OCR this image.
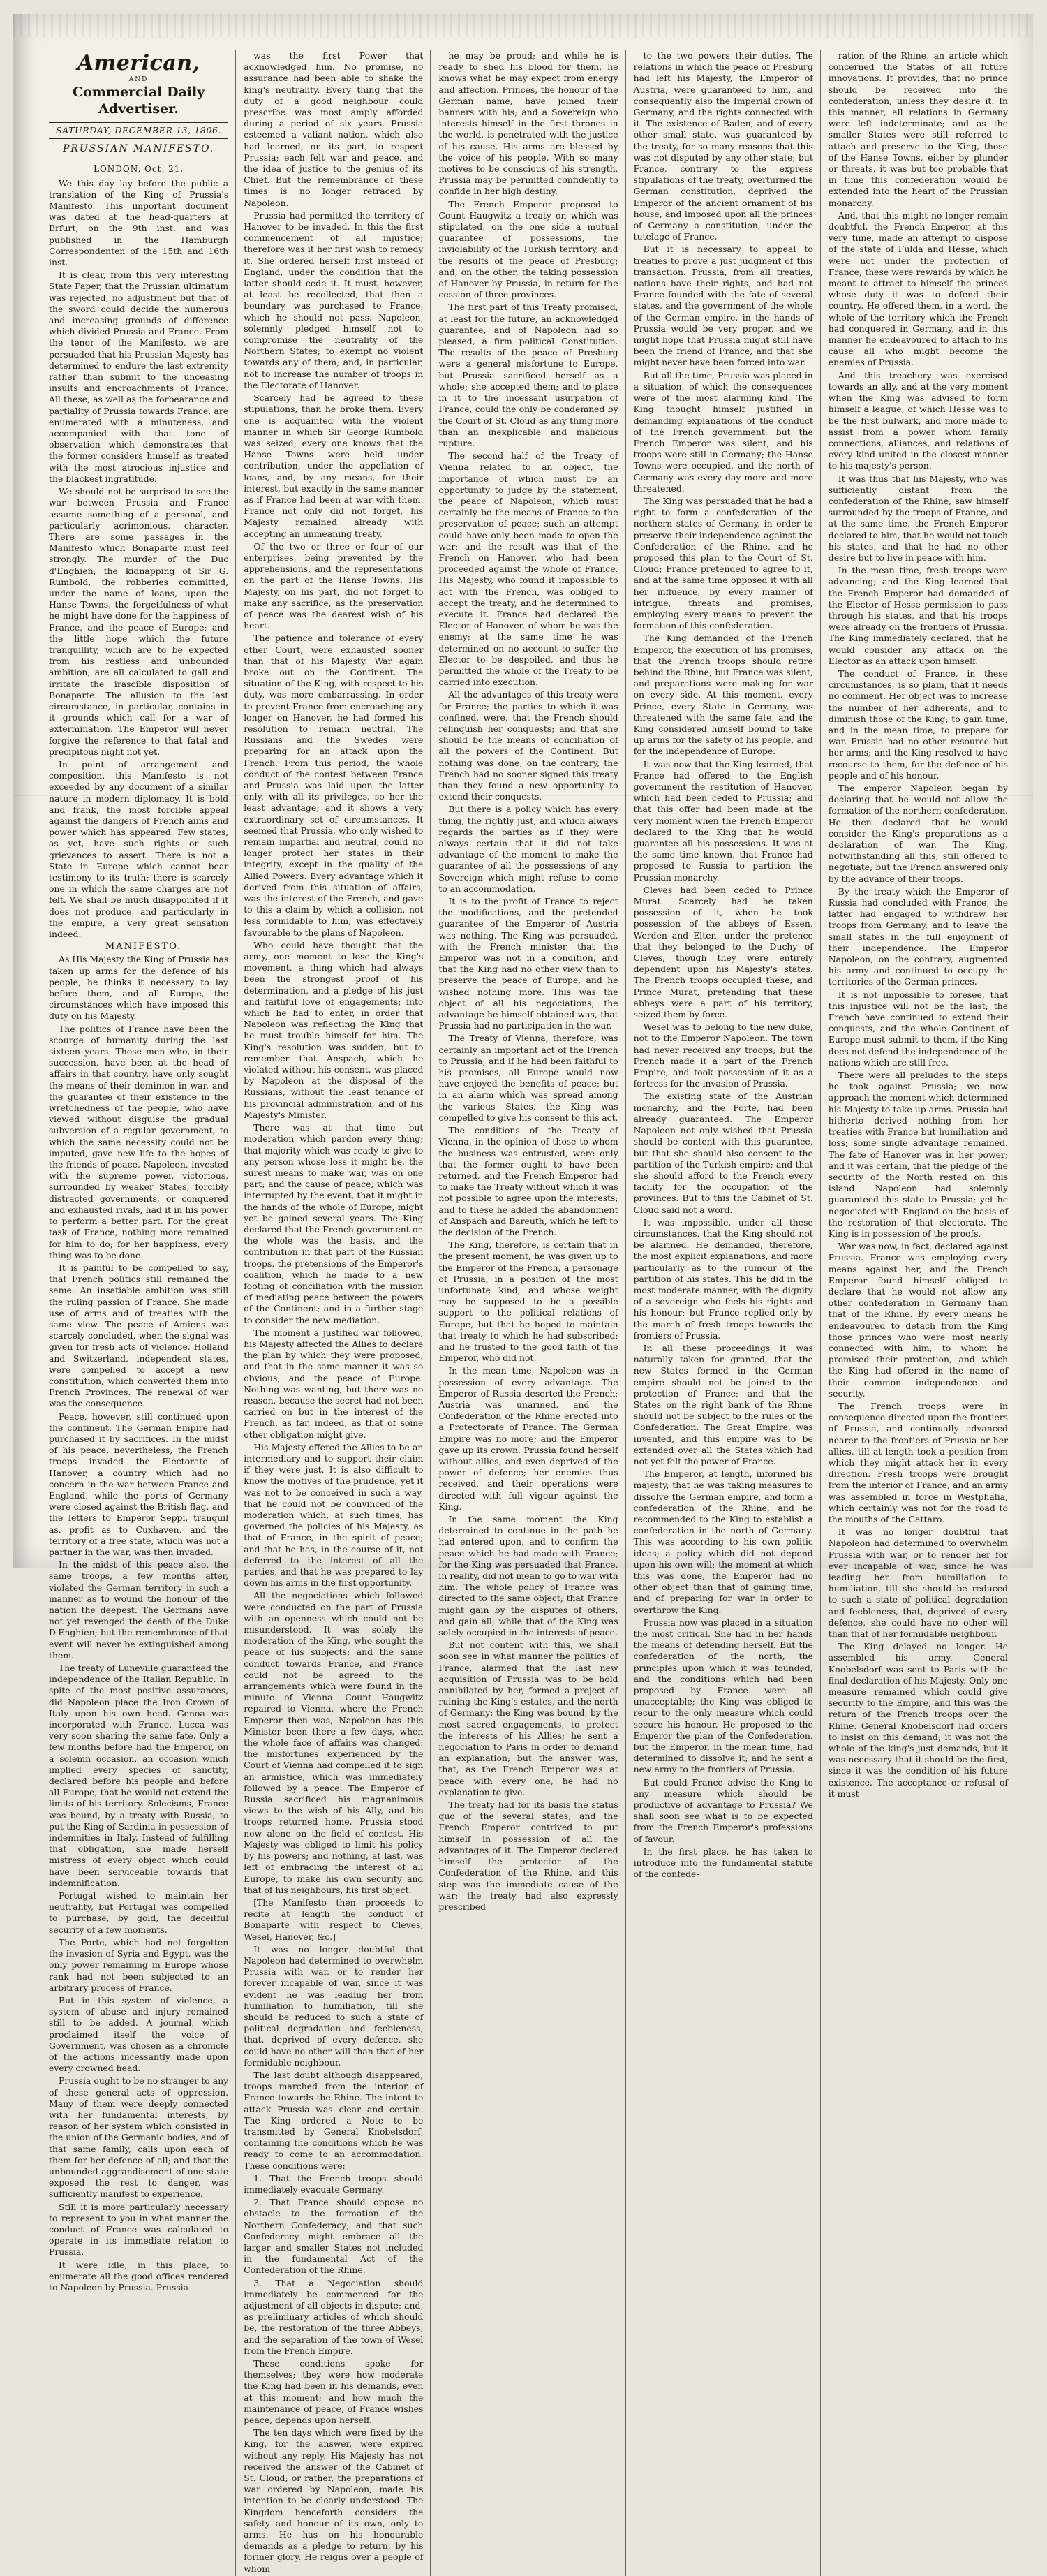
American,
AND
Commercial Daily Advertiser.
SATURDAY, DECEMBER 13, 1806.
PRUSSIAN MANIFESTO.
LONDON, Oct. 21.

We this day lay before the public a translation of the King of Prussia's Manifesto. This important document was dated at the head-quarters at Erfurt, on the 9th inst. and was published in the Hamburgh Correspondenten of the 15th and 16th inst.

It is clear, from this very interesting State Paper, that the Prussian ultimatum was rejected, no adjustment but that of the sword could decide the numerous and increasing grounds of difference which divided Prussia and France. From the tenor of the Manifesto, we are persuaded that his Prussian Majesty has determined to endure the last extremity rather than submit to the unceasing insults and encroachments of France. All these, as well as the forbearance and partiality of Prussia towards France, are enumerated with a minuteness, and accompanied with that tone of observation which demonstrates that the former considers himself as treated with the most atrocious injustice and the blackest ingratitude.

We should not be surprised to see the war between Prussia and France assume something of a personal, and particularly acrimonious, character. There are some passages in the Manifesto which Bonaparte must feel strongly. The murder of the Duc d'Enghien; the kidnapping of Sir G. Rumbold, the robberies committed, under the name of loans, upon the Hanse Towns, the forgetfulness of what he might have done for the happiness of France, and the peace of Europe; and the little hope which the future tranquillity, which are to be expected from his restless and unbounded ambition, are all calculated to gall and irritate the irascible disposition of Bonaparte. The allusion to the last circumstance, in particular, contains in it grounds which call for a war of extermination. The Emperor will never forgive the reference to that fatal and precipitous night not yet.

In point of arrangement and composition, this Manifesto is not exceeded by any document of a similar nature in modern diplomacy. It is bold and frank, the most forcible appeal against the dangers of French aims and power which has appeared. Few states, as yet, have such rights or such grievances to assert. There is not a State in Europe which cannot bear testimony to its truth; there is scarcely one in which the same charges are not felt. We shall be much disappointed if it does not produce, and particularly in the empire, a very great sensation indeed.

MANIFESTO.

As His Majesty the King of Prussia has taken up arms for the defence of his people, he thinks it necessary to lay before them, and all Europe, the circumstances which have imposed this duty on his Majesty.

The politics of France have been the scourge of humanity during the last sixteen years. Those men who, in their succession, have been at the head of affairs in that country, have only sought the means of their dominion in war, and the guarantee of their existence in the wretchedness of the people, who have viewed without disguise the gradual subversion of a regular government, to which the same necessity could not be imputed, gave new life to the hopes of the friends of peace. Napoleon, invested with the supreme power, victorious, surrounded by weaker States, forcibly distracted governments, or conquered and exhausted rivals, had it in his power to perform a better part. For the great task of France, nothing more remained for him to do; for her happiness, every thing was to be done.

It is painful to be compelled to say, that French politics still remained the same. An insatiable ambition was still the ruling passion of France. She made use of arms and of treaties with the same view. The peace of Amiens was scarcely concluded, when the signal was given for fresh acts of violence. Holland and Switzerland, independent states, were compelled to accept a new constitution, which converted them into French Provinces. The renewal of war was the consequence.

Peace, however, still continued upon the continent. The German Empire had purchased it by sacrifices. In the midst of his peace, nevertheless, the French troops invaded the Electorate of Hanover, a country which had no concern in the war between France and England, while the ports of Germany were closed against the British flag, and the letters to Emperor Seppi, tranquil as, profit as to Cuxhaven, and the territory of a free state, which was not a partner in the war, was then invaded.

In the midst of this peace also, the same troops, a few months after, violated the German territory in such a manner as to wound the honour of the nation the deepest. The Germans have not yet revenged the death of the Duke D'Enghien; but the remembrance of that event will never be extinguished among them.

The treaty of Luneville guaranteed the independence of the Italian Republic. In spite of the most positive assurances, did Napoleon place the Iron Crown of Italy upon his own head. Genoa was incorporated with France. Lucca was very soon sharing the same fate. Only a few months before had the Emperor, on a solemn occasion, an occasion which implied every species of sanctity, declared before his people and before all Europe, that he would not extend the limits of his territory. Solecisms, France was bound, by a treaty with Russia, to put the King of Sardinia in possession of indemnities in Italy. Instead of fulfilling that obligation, she made herself mistress of every object which could have been serviceable towards that indemnification.

Portugal wished to maintain her neutrality, but Portugal was compelled to purchase, by gold, the deceitful security of a few moments.

The Porte, which had not forgotten the invasion of Syria and Egypt, was the only power remaining in Europe whose rank had not been subjected to an arbitrary process of France.

But in this system of violence, a system of abuse and injury remained still to be added. A journal, which proclaimed itself the voice of Government, was chosen as a chronicle of the actions incessantly made upon every crowned head.

Prussia ought to be no stranger to any of these general acts of oppression. Many of them were deeply connected with her fundamental interests, by reason of her system which consisted in the union of the Germanic bodies, and of that same family, calls upon each of them for her defence of all; and that the unbounded aggrandisement of one state exposed the rest to danger, was sufficiently manifest to experience.

Still it is more particularly necessary to represent to you in what manner the conduct of France was calculated to operate in its immediate relation to Prussia.

It were idle, in this place, to enumerate all the good offices rendered to Napoleon by Prussia. Prussia

was the first Power that acknowledged him. No promise, no assurance had been able to shake the king's neutrality. Every thing that the duty of a good neighbour could prescribe was most amply afforded during a period of six years. Prussia esteemed a valiant nation, which also had learned, on its part, to respect Prussia; each felt war and peace, and the idea of justice to the genius of its Chief. But the remembrance of these times is no longer retraced by Napoleon.

Prussia had permitted the territory of Hanover to be invaded. In this the first commencement of all injustice; therefore was it her first wish to remedy it. She ordered herself first instead of England, under the condition that the latter should cede it. It must, however, at least be recollected, that then a boundary was purchased to France, which he should not pass. Napoleon, solemnly pledged himself not to compromise the neutrality of the Northern States; to exempt no violent towards any of them; and, in particular, not to increase the number of troops in the Electorate of Hanover.

Scarcely had he agreed to these stipulations, than he broke them. Every one is acquainted with the violent manner in which Sir George Rumbold was seized; every one knows that the Hanse Towns were held under contribution, under the appellation of loans, and, by any means, for their interest, but exactly in the same manner as if France had been at war with them. France not only did not forget, his Majesty remained already with accepting an unmeaning treaty.

Of the two or three or four of our enterprises, being prevented by the apprehensions, and the representations on the part of the Hanse Towns, His Majesty, on his part, did not forget to make any sacrifice, as the preservation of peace was the dearest wish of his heart.

The patience and tolerance of every other Court, were exhausted sooner than that of his Majesty. War again broke out on the Continent. The situation of the King, with respect to his duty, was more embarrassing. In order to prevent France from encroaching any longer on Hanover, he had formed his resolution to remain neutral. The Russians and the Swedes were preparing for an attack upon the French. From this period, the whole conduct of the contest between France and Prussia was laid upon the latter only, with all its privileges, so her the least advantage; and it shows a very extraordinary set of circumstances. It seemed that Prussia, who only wished to remain impartial and neutral, could no longer protect her states in their integrity, except in the quality of the Allied Powers. Every advantage which it derived from this situation of affairs, was the interest of the French, and gave to this a claim by which a collision, not less formidable to him, was effectively favourable to the plans of Napoleon.

Who could have thought that the army, one moment to lose the King's movement, a thing which had always been the strongest proof of his determination, and a pledge of his just and faithful love of engagements; into which he had to enter, in order that Napoleon was reflecting the King that he must trouble himself for him. The King's resolution was sudden, but to remember that Anspach, which he violated without his consent, was placed by Napoleon at the disposal of the Russians, without the least tenance of his provincial administration, and of his Majesty's Minister.

There was at that time but moderation which pardon every thing; that majority which was ready to give to any person whose loss it might be, the surest means to make war, was on one part; and the cause of peace, which was interrupted by the event, that it might in the hands of the whole of Europe, might yet be gained several years. The King declared that the French government on the whole was the basis, and the contribution in that part of the Russian troops, the pretensions of the Emperor's coalition, which he made to a new footing of conciliation with the mission of mediating peace between the powers of the Continent; and in a further stage to consider the new mediation.

The moment a justified war followed, his Majesty affected the Allies to declare the plan by which they were proposed, and that in the same manner it was so obvious, and the peace of Europe. Nothing was wanting, but there was no reason, because the secret had not been carried on but in the interest of the French, as far, indeed, as that of some other obligation might give.

His Majesty offered the Allies to be an intermediary and to support their claim if they were just. It is also difficult to know the motives of the prudence, yet it was not to be conceived in such a way, that he could not be convinced of the moderation which, at such times, has governed the policies of his Majesty, as that of France, in the spirit of peace; and that he has, in the course of it, not deferred to the interest of all the parties, and that he was prepared to lay down his arms in the first opportunity.

All the negociations which followed were conducted on the part of Prussia with an openness which could not be misunderstood. It was solely the moderation of the King, who sought the peace of his subjects; and the same conduct towards France, and France could not be agreed to the arrangements which were found in the minute of Vienna. Count Haugwitz repaired to Vienna, where the French Emperor then was, Napoleon has this Minister been there a few days, when the whole face of affairs was changed: the misfortunes experienced by the Court of Vienna had compelled it to sign an armistice, which was immediately followed by a peace. The Emperor of Russia sacrificed his magnanimous views to the wish of his Ally, and his troops returned home. Prussia stood now alone on the field of contest. His Majesty was obliged to limit his policy by his powers; and nothing, at last, was left of embracing the interest of all Europe, to make his own security and that of his neighbours, his first object.

[The Manifesto then proceeds to recite at length the conduct of Bonaparte with respect to Cleves, Wesel, Hanover, &c.]

It was no longer doubtful that Napoleon had determined to overwhelm Prussia with war, or to render her forever incapable of war, since it was evident he was leading her from humiliation to humiliation, till she should be reduced to such a state of political degradation and feebleness, that, deprived of every defence, she could have no other will than that of her formidable neighbour.

The last doubt although disappeared; troops marched from the interior of France towards the Rhine. The intent to attack Prussia was clear and certain. The King ordered a Note to be transmitted by General Knobelsdorf, containing the conditions which he was ready to come to an accommodation. These conditions were:

1. That the French troops should immediately evacuate Germany.

2. That France should oppose no obstacle to the formation of the Northern Confederacy; and that such Confederacy might embrace all the larger and smaller States not included in the fundamental Act of the Confederation of the Rhine.

3. That a Negociation should immediately be commenced for the adjustment of all objects in dispute; and, as preliminary articles of which should be, the restoration of the three Abbeys, and the separation of the town of Wesel from the French Empire.

These conditions spoke for themselves; they were how moderate the King had been in his demands, even at this moment; and how much the maintenance of peace, of France wishes peace, depends upon herself.

The ten days which were fixed by the King, for the answer, were expired without any reply. His Majesty has not received the answer of the Cabinet of St. Cloud; or rather, the preparations of war ordered by Napoleon, made his intention to be clearly understood. The Kingdom henceforth considers the safety and honour of its own, only to arms. He has on his honourable demands as a pledge to return, by his former glory. He reigns over a people of whom

he may be proud; and while he is ready to shed his blood for them, he knows what he may expect from energy and affection. Princes, the honour of the German name, have joined their banners with his; and a Sovereign who interests himself in the first thrones in the world, is penetrated with the justice of his cause. His arms are blessed by the voice of his people. With so many motives to be conscious of his strength, Prussia may be permitted confidently to confide in her high destiny.

The French Emperor proposed to Count Haugwitz a treaty on which was stipulated, on the one side a mutual guarantee of possessions, the inviolability of the Turkish territory, and the results of the peace of Presburg; and, on the other, the taking possession of Hanover by Prussia, in return for the cession of three provinces.

The first part of this Treaty promised, at least for the future, an acknowledged guarantee, and of Napoleon had so pleased, a firm political Constitution. The results of the peace of Presburg were a general misfortune to Europe, but Prussia sacrificed herself as a whole; she accepted them; and to place in it to the incessant usurpation of France, could the only be condemned by the Court of St. Cloud as any thing more than an inexplicable and malicious rupture.

The second half of the Treaty of Vienna related to an object, the importance of which must be an opportunity to judge by the statement, the peace of Napoleon, which must certainly be the means of France to the preservation of peace; such an attempt could have only been made to open the war; and the result was that of the French on Hanover, who had been proceeded against the whole of France. His Majesty, who found it impossible to act with the French, was obliged to accept the treaty, and he determined to execute it. France had declared the Elector of Hanover, of whom he was the enemy; at the same time he was determined on no account to suffer the Elector to be despoiled, and thus he permitted the whole of the Treaty to be carried into execution.

All the advantages of this treaty were for France; the parties to which it was confined, were, that the French should relinquish her conquests; and that she should be the means of conciliation of all the powers of the Continent. But nothing was done; on the contrary, the French had no sooner signed this treaty than they found a new opportunity to extend their conquests.

But there is a policy which has every thing, the rightly just, and which always regards the parties as if they were always certain that it did not take advantage of the moment to make the guarantee of all the possessions of any Sovereign which might refuse to come to an accommodation.

It is to the profit of France to reject the modifications, and the pretended guarantee of the Emperor of Austria was nothing. The King was persuaded, with the French minister, that the Emperor was not in a condition, and that the King had no other view than to preserve the peace of Europe, and he wished nothing more. This was the object of all his negociations; the advantage he himself obtained was, that Prussia had no participation in the war.

The Treaty of Vienna, therefore, was certainly an important act of the French to Prussia; and if he had been faithful to his promises, all Europe would now have enjoyed the benefits of peace; but in an alarm which was spread among the various States, the King was compelled to give his consent to this act.

The conditions of the Treaty of Vienna, in the opinion of those to whom the business was entrusted, were only that the former ought to have been returned, and the French Emperor had to make the Treaty without which it was not possible to agree upon the interests; and to these he added the abandonment of Anspach and Bareuth, which he left to the decision of the French.

The King, therefore, is certain that in the present moment, he was given up to the Emperor of the French, a personage of Prussia, in a position of the most unfortunate kind, and whose weight may be supposed to be a possible support to the political relations of Europe, but that he hoped to maintain that treaty to which he had subscribed; and he trusted to the good faith of the Emperor, who did not.

In the mean time, Napoleon was in possession of every advantage. The Emperor of Russia deserted the French; Austria was unarmed, and the Confederation of the Rhine erected into a Protectorate of France. The German Empire was no more; and the Emperor gave up its crown. Prussia found herself without allies, and even deprived of the power of defence; her enemies thus received, and their operations were directed with full vigour against the King.

In the same moment the King determined to continue in the path he had entered upon, and to confirm the peace which he had made with France; for the King was persuaded that France, in reality, did not mean to go to war with him. The whole policy of France was directed to the same object; that France might gain by the disputes of others, and gain all; while that of the King was solely occupied in the interests of peace.

But not content with this, we shall soon see in what manner the politics of France, alarmed that the last new acquisition of Prussia was to be hold annihilated by her, formed a project of ruining the King's estates, and the north of Germany: the King was bound, by the most sacred engagements, to protect the interests of his Allies; he sent a negociation to Paris in order to demand an explanation; but the answer was, that, as the French Emperor was at peace with every one, he had no explanation to give.

The treaty had for its basis the status quo of the several states; and the French Emperor contrived to put himself in possession of all the advantages of it. The Emperor declared himself the protector of the Confederation of the Rhine, and this step was the immediate cause of the war; the treaty had also expressly prescribed

to the two powers their duties. The relations in which the peace of Presburg had left his Majesty, the Emperor of Austria, were guaranteed to him, and consequently also the Imperial crown of Germany, and the rights connected with it. The existence of Baden, and of every other small state, was guaranteed by the treaty, for so many reasons that this was not disputed by any other state; but France, contrary to the express stipulations of the treaty, overturned the German constitution, deprived the Emperor of the ancient ornament of his house, and imposed upon all the princes of Germany a constitution, under the tutelage of France.

But it is necessary to appeal to treaties to prove a just judgment of this transaction. Prussia, from all treaties, nations have their rights, and had not France founded with the fate of several states, and the government of the whole of the German empire, in the hands of Prussia would be very proper, and we might hope that Prussia might still have been the friend of France, and that she might never have been forced into war.

But all the time, Prussia was placed in a situation, of which the consequences were of the most alarming kind. The King thought himself justified in demanding explanations of the conduct of the French government; but the French Emperor was silent, and his troops were still in Germany; the Hanse Towns were occupied, and the north of Germany was every day more and more threatened.

The King was persuaded that he had a right to form a confederation of the northern states of Germany, in order to preserve their independence against the Confederation of the Rhine, and he proposed this plan to the Court of St. Cloud; France pretended to agree to it, and at the same time opposed it with all her influence, by every manner of intrigue, threats and promises, employing every means to prevent the formation of this confederation.

The King demanded of the French Emperor, the execution of his promises, that the French troops should retire behind the Rhine; but France was silent, and preparations were making for war on every side. At this moment, every Prince, every State in Germany, was threatened with the same fate, and the King considered himself bound to take up arms for the safety of his people, and for the independence of Europe.

It was now that the King learned, that France had offered to the English government the restitution of Hanover, which had been ceded to Prussia; and that this offer had been made at the very moment when the French Emperor declared to the King that he would guarantee all his possessions. It was at the same time known, that France had proposed to Russia to partition the Prussian monarchy.

Cleves had been ceded to Prince Murat. Scarcely had he taken possession of it, when he took possession of the abbeys of Essen, Werden and Elten, under the pretence that they belonged to the Duchy of Cleves, though they were entirely dependent upon his Majesty's states. The French troops occupied these, and Prince Murat, pretending that these abbeys were a part of his territory, seized them by force.

Wesel was to belong to the new duke, not to the Emperor Napoleon. The town had never received any troops; but the French made it a part of the French Empire, and took possession of it as a fortress for the invasion of Prussia.

The existing state of the Austrian monarchy, and the Porte, had been already guaranteed. The Emperor Napoleon not only wished that Prussia should be content with this guarantee, but that she should also consent to the partition of the Turkish empire; and that she should afford to the French every facility for the occupation of the provinces. But to this the Cabinet of St. Cloud said not a word.

It was impossible, under all these circumstances, that the King should not be alarmed. He demanded, therefore, the most explicit explanations, and more particularly as to the rumour of the partition of his states. This he did in the most moderate manner, with the dignity of a sovereign who feels his rights and his honour; but France replied only by the march of fresh troops towards the frontiers of Prussia.

In all these proceedings it was naturally taken for granted, that the new States formed in the German empire should not be joined to the protection of France; and that the States on the right bank of the Rhine should not be subject to the rules of the Confederation. The Great Empire, was invented, and this empire was to be extended over all the States which had not yet felt the power of France.

The Emperor, at length, informed his majesty, that he was taking measures to dissolve the German empire, and form a confederation of the Rhine, and he recommended to the King to establish a confederation in the north of Germany. This was according to his own politic ideas; a policy which did not depend upon his own will; the moment at which this was done, the Emperor had no other object than that of gaining time, and of preparing for war in order to overthrow the King.

Prussia now was placed in a situation the most critical. She had in her hands the means of defending herself. But the confederation of the north, the principles upon which it was founded, and the conditions which had been proposed by France were all unacceptable; the King was obliged to recur to the only measure which could secure his honour. He proposed to the Emperor the plan of the Confederation, but the Emperor, in the mean time, had determined to dissolve it; and he sent a new army to the frontiers of Prussia.

But could France advise the King to any measure which should be productive of advantage to Prussia? We shall soon see what is to be expected from the French Emperor's professions of favour.

In the first place, he has taken to introduce into the fundamental statute of the confede-

ration of the Rhine, an article which concerned the States of all future innovations. It provides, that no prince should be received into the confederation, unless they desire it. In this manner, all relations in Germany were left indeterminate; and as the smaller States were still referred to attach and preserve to the King, those of the Hanse Towns, either by plunder or threats, it was but too probable that in time this confederation would be extended into the heart of the Prussian monarchy.

And, that this might no longer remain doubtful, the French Emperor, at this very time, made an attempt to dispose of the state of Fulda and Hesse, which were not under the protection of France; these were rewards by which he meant to attract to himself the princes whose duty it was to defend their country. He offered them, in a word, the whole of the territory which the French had conquered in Germany, and in this manner he endeavoured to attach to his cause all who might become the enemies of Prussia.

And this treachery was exercised towards an ally, and at the very moment when the King was advised to form himself a league, of which Hesse was to be the first bulwark, and more made to assist from a power whom family connections, alliances, and relations of every kind united in the closest manner to his majesty's person.

It was thus that his Majesty, who was sufficiently distant from the confederation of the Rhine, saw himself surrounded by the troops of France, and at the same time, the French Emperor declared to him, that he would not touch his states, and that he had no other desire but to live in peace with him.

In the mean time, fresh troops were advancing; and the King learned that the French Emperor had demanded of the Elector of Hesse permission to pass through his states, and that his troops were already on the frontiers of Prussia. The King immediately declared, that he would consider any attack on the Elector as an attack upon himself.

The conduct of France, in these circumstances, is so plain, that it needs no comment. Her object was to increase the number of her adherents, and to diminish those of the King; to gain time, and in the mean time, to prepare for war. Prussia had no other resource but her arms; and the King resolved to have recourse to them, for the defence of his people and of his honour.

The emperor Napoleon began by declaring that he would not allow the formation of the northern confederation. He then declared that he would consider the King's preparations as a declaration of war. The King, notwithstanding all this, still offered to negotiate; but the French answered only by the advance of their troops.

By the treaty which the Emperor of Russia had concluded with France, the latter had engaged to withdraw her troops from Germany, and to leave the small states in the full enjoyment of their independence. The Emperor Napoleon, on the contrary, augmented his army and continued to occupy the territories of the German princes.

It is not impossible to foresee, that this injustice will not be the last; the French have continued to extend their conquests, and the whole Continent of Europe must submit to them, if the King does not defend the independence of the nations which are still free.

There were all preludes to the steps he took against Prussia; we now approach the moment which determined his Majesty to take up arms. Prussia had hitherto derived nothing from her treaties with France but humiliation and loss; some single advantage remained. The fate of Hanover was in her power; and it was certain, that the pledge of the security of the North rested on this island. Napoleon had solemnly guaranteed this state to Prussia; yet he negociated with England on the basis of the restoration of that electorate. The King is in possession of the proofs.

War was now, in fact, declared against Prussia. France was employing every means against her, and the French Emperor found himself obliged to declare that he would not allow any other confederation in Germany than that of the Rhine. By every means he endeavoured to detach from the King those princes who were most nearly connected with him, to whom he promised their protection, and which the King had offered in the name of their common independence and security.

The French troops were in consequence directed upon the frontiers of Prussia, and continually advanced nearer to the frontiers of Prussia or her allies, till at length took a position from which they might attack her in every direction. Fresh troops were brought from the interior of France, and an army was assembled in force in Westphalia, which certainly was not for the road to the mouths of the Cattaro.

It was no longer doubtful that Napoleon had determined to overwhelm Prussia with war, or to render her for ever incapable of war, since he was leading her from humiliation to humiliation, till she should be reduced to such a state of political degradation and feebleness, that, deprived of every defence, she could have no other will than that of her formidable neighbour.

The King delayed no longer. He assembled his army. General Knobelsdorf was sent to Paris with the final declaration of his Majesty. Only one measure remained which could give security to the Empire, and this was the return of the French troops over the Rhine. General Knobelsdorf had orders to insist on this demand; it was not the whole of the king's just demands, but it was necessary that it should be the first, since it was the condition of his future existence. The acceptance or refusal of it must
